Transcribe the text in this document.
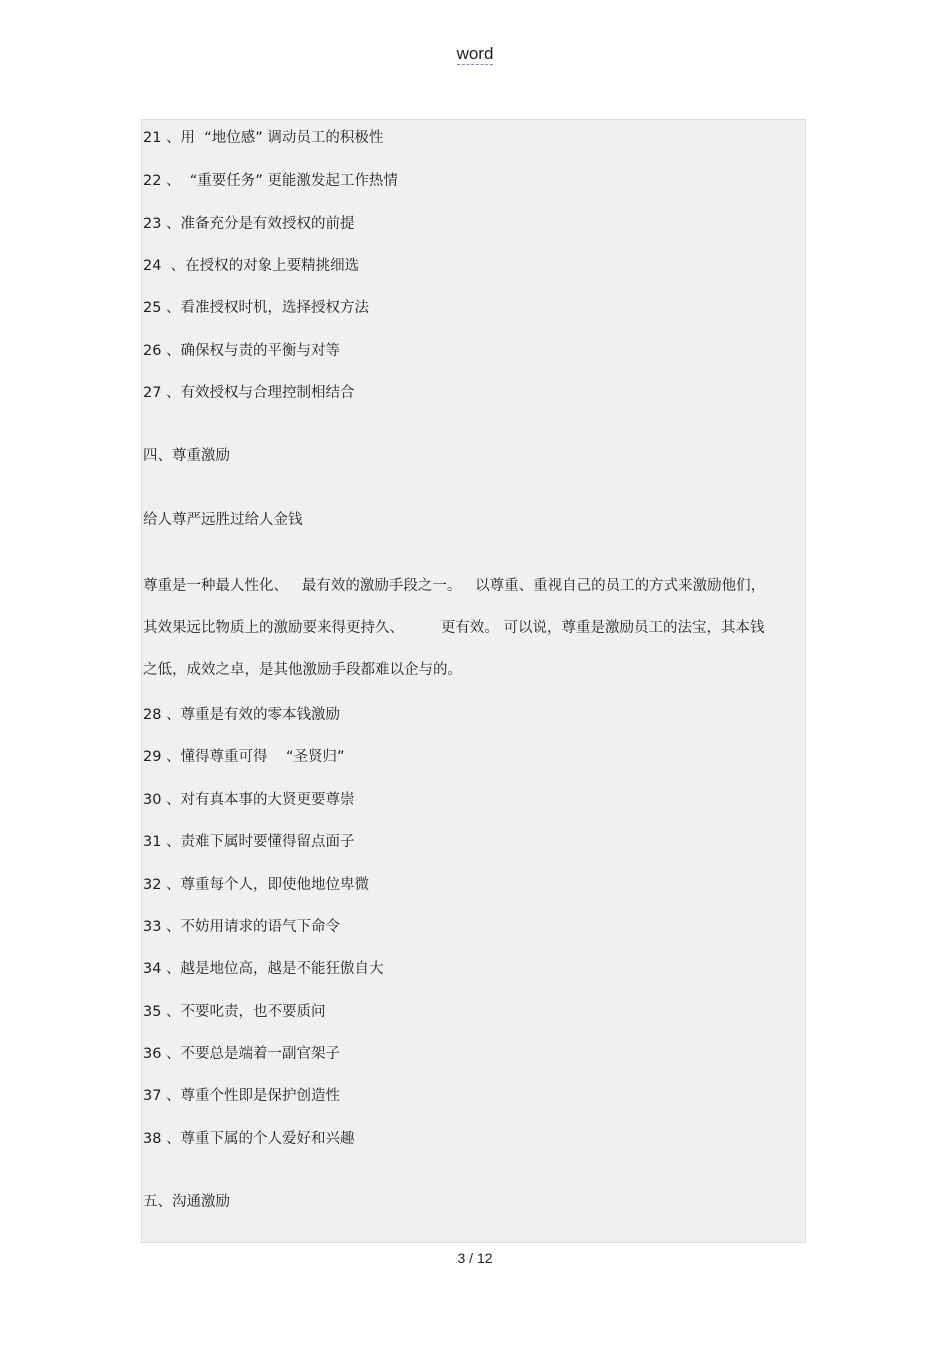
word
21 、用  “地位感” 调动员工的积极性
22 、  “重要任务” 更能激发起工作热情
23 、准备充分是有效授权的前提
24  、在授权的对象上要精挑细选
25 、看准授权时机，选择授权方法
26 、确保权与责的平衡与对等
27 、有效授权与合理控制相结合
四、尊重激励
给人尊严远胜过给人金钱
尊重是一种最人性化、   最有效的激励手段之一。   以尊重、重视自己的员工的方式来激励他们，
其效果远比物质上的激励要来得更持久、        更有效。 可以说，尊重是激励员工的法宝，其本钱
之低，成效之卓，是其他激励手段都难以企与的。
28 、尊重是有效的零本钱激励
29 、懂得尊重可得    “圣贤归”
30 、对有真本事的大贤更要尊崇
31 、责难下属时要懂得留点面子
32 、尊重每个人，即使他地位卑微
33 、不妨用请求的语气下命令
34 、越是地位高，越是不能狂傲自大
35 、不要叱责，也不要质问
36 、不要总是端着一副官架子
37 、尊重个性即是保护创造性
38 、尊重下属的个人爱好和兴趣
五、沟通激励
3 / 12
